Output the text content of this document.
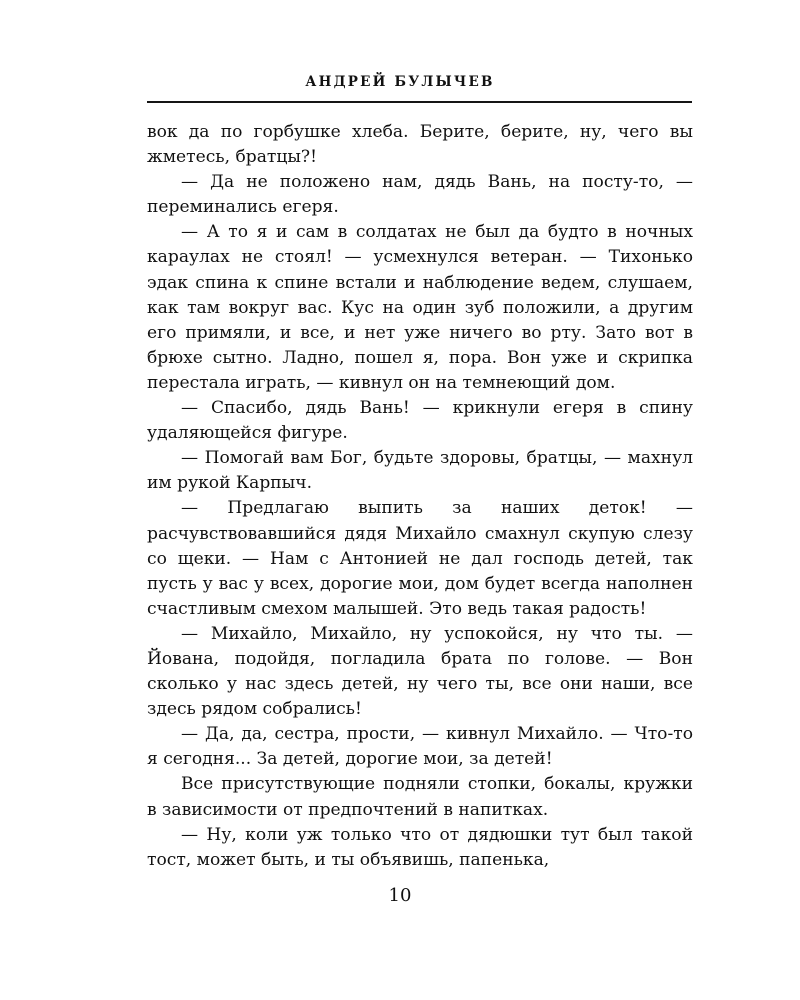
АНДРЕЙ БУЛЫЧЕВ

вок да по горбушке хлеба. Берите, берите, ну, чего вы жметесь, братцы?!

— Да не положено нам, дядь Вань, на посту-то, — переминались егеря.

— А то я и сам в солдатах не был да будто в ночных караулах не стоял! — усмехнулся ветеран. — Тихонько эдак спина к спине встали и наблюдение ведем, слушаем, как там вокруг вас. Кус на один зуб положили, а другим его примяли, и все, и нет уже ничего во рту. Зато вот в брюхе сытно. Ладно, пошел я, пора. Вон уже и скрипка перестала играть, — кивнул он на темнеющий дом.

— Спасибо, дядь Вань! — крикнули егеря в спину удаляющейся фигуре.

— Помогай вам Бог, будьте здоровы, братцы, — махнул им рукой Карпыч.

— Предлагаю выпить за наших деток! — расчувствовавшийся дядя Михайло смахнул скупую слезу со щеки. — Нам с Антонией не дал господь детей, так пусть у вас у всех, дорогие мои, дом будет всегда наполнен счастливым смехом малышей. Это ведь такая радость!

— Михайло, Михайло, ну успокойся, ну что ты. — Йована, подойдя, погладила брата по голове. — Вон сколько у нас здесь детей, ну чего ты, все они наши, все здесь рядом собрались!

— Да, да, сестра, прости, — кивнул Михайло. — Что-то я сегодня... За детей, дорогие мои, за детей!

Все присутствующие подняли стопки, бокалы, кружки в зависимости от предпочтений в напитках.

— Ну, коли уж только что от дядюшки тут был такой тост, может быть, и ты объявишь, папенька,

10
